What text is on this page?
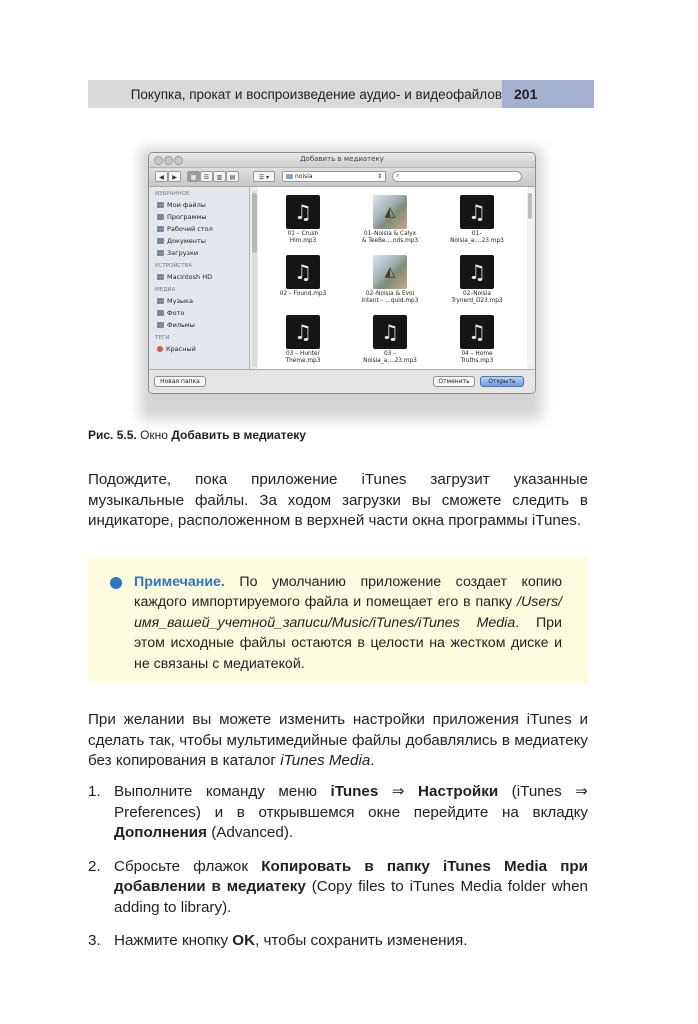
Покупка, прокат и воспроизведение аудио- и видеофайлов 201
Добавить в медиатеку
◀	▶	▦	☰	▥	▤	☰ ▾	noisia	⇕ ⌕
ИЗБРАННОЕ
Мои файлы
Программы
Рабочий стол
Документы
Загрузки
УСТРОЙСТВА
Macintosh HD
МЕДИА
Музыка
Фото
Фильмы
ТЕГИ
Красный
♫
01 – Crush
Him.mp3
◭
01–Noisia & Calyx
& TeeBe....nds.mp3
♫
01–
Noisia_a....23.mp3
♫
02 – Found.mp3

◭
02–Noisia & Evol
Intent – ...quid.mp3
♫
02–Noisia
Trynerd_D23.mp3
♫
03 – Hunter
Theme.mp3
♫
03 –
Noisia_a....23.mp3
♫
04 – Home
Truths.mp3
Новая папка	Отменить	Открыть
Рис. 5.5. Окно Добавить в медиатеку
Подождите, пока приложение iTunes загрузит указанные музыкальные файлы. За ходом загрузки вы сможете следить в индикаторе, расположенном в верхней части окна программы iTunes.
Примечание. По умолчанию приложение создает копию каждого импортируемого файла и помещает его в папку /Users/имя_вашей_учетной_записи/Music/iTunes/iTunes Media. При этом исходные файлы остаются в целости на жестком диске и не связаны с медиатекой.
При желании вы можете изменить настройки приложения iTunes и сделать так, чтобы мультимедийные файлы добавлялись в медиатеку без копирования в каталог iTunes Media.
1. Выполните команду меню iTunes ⇒ Настройки (iTunes ⇒ Preferences) и в открывшемся окне перейдите на вкладку Дополнения (Advanced).
2. Сбросьте флажок Копировать в папку iTunes Media при добавлении в медиатеку (Copy files to iTunes Media folder when adding to library).
3. Нажмите кнопку OK, чтобы сохранить изменения.
